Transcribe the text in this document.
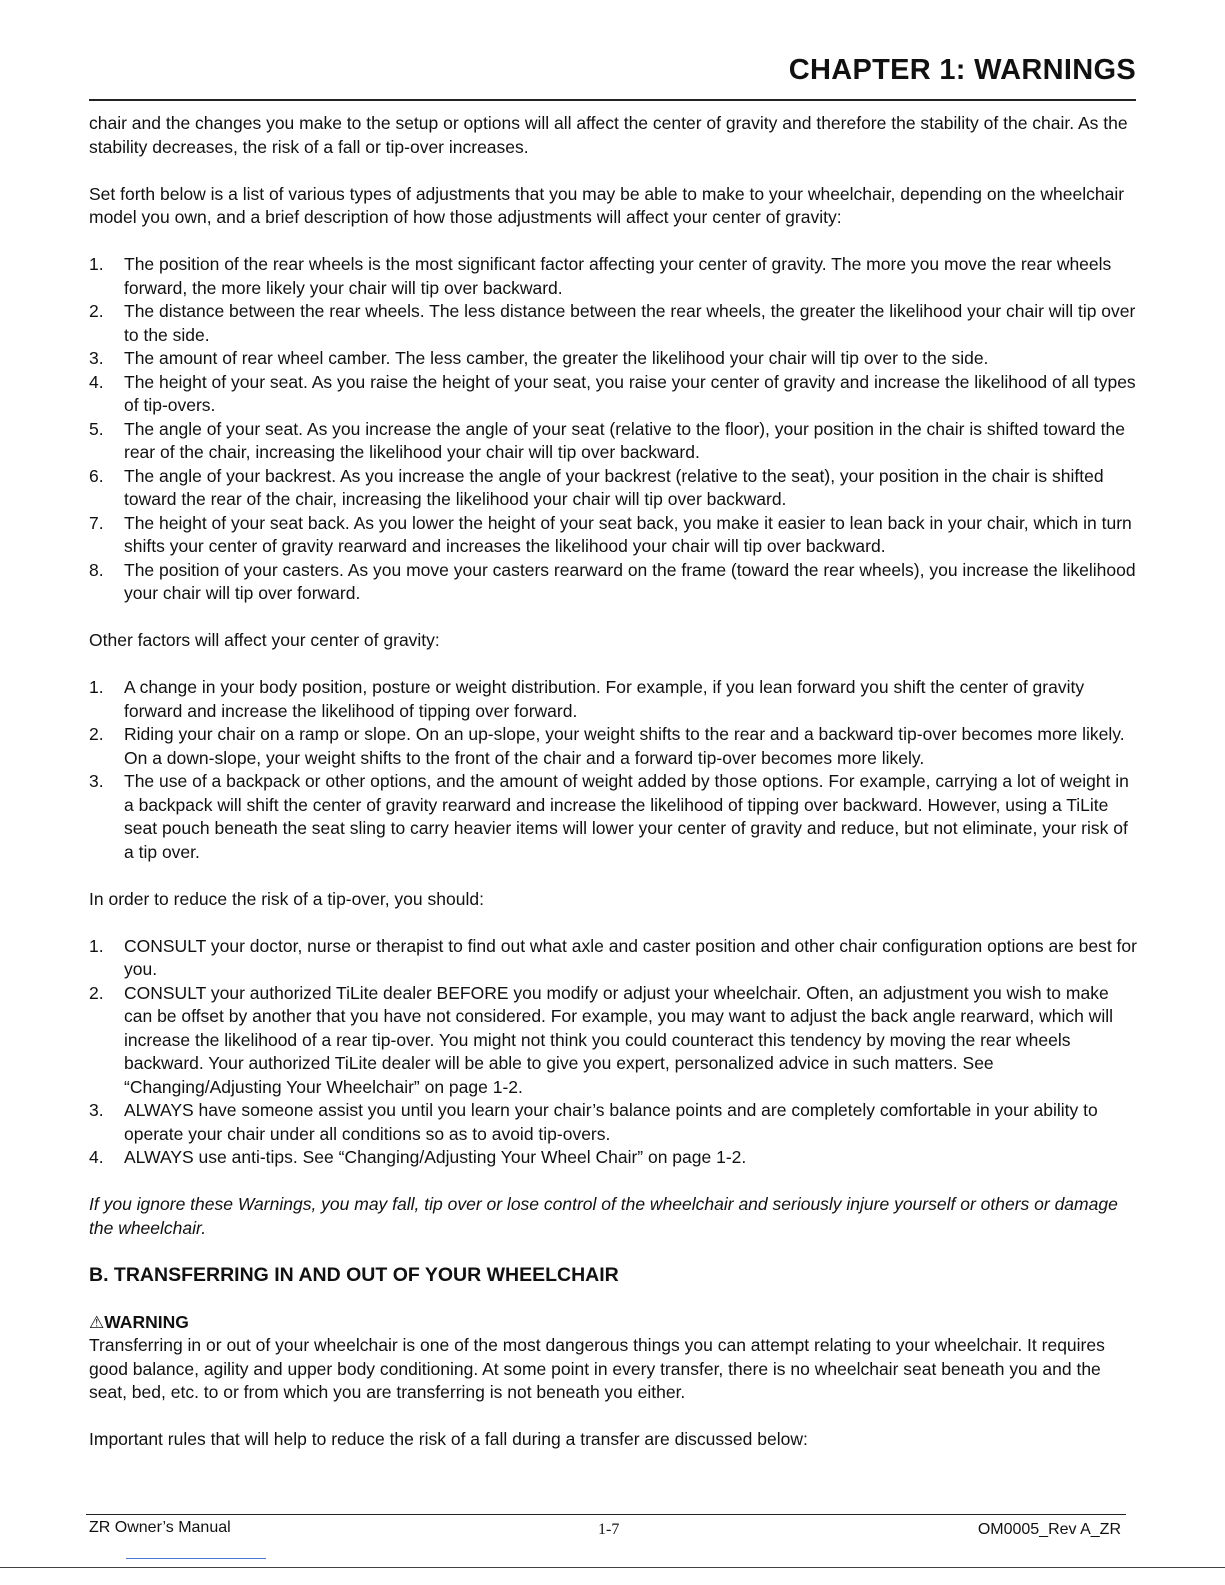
CHAPTER 1: WARNINGS

chair and the changes you make to the setup or options will all affect the center of gravity and therefore the stability of the chair. As the stability decreases, the risk of a fall or tip-over increases.

Set forth below is a list of various types of adjustments that you may be able to make to your wheelchair, depending on the wheelchair model you own, and a brief description of how those adjustments will affect your center of gravity:

1. The position of the rear wheels is the most significant factor affecting your center of gravity. The more you move the rear wheels forward, the more likely your chair will tip over backward.
2. The distance between the rear wheels. The less distance between the rear wheels, the greater the likelihood your chair will tip over to the side.
3. The amount of rear wheel camber. The less camber, the greater the likelihood your chair will tip over to the side.
4. The height of your seat. As you raise the height of your seat, you raise your center of gravity and increase the likelihood of all types of tip-overs.
5. The angle of your seat. As you increase the angle of your seat (relative to the floor), your position in the chair is shifted toward the rear of the chair, increasing the likelihood your chair will tip over backward.
6. The angle of your backrest. As you increase the angle of your backrest (relative to the seat), your position in the chair is shifted toward the rear of the chair, increasing the likelihood your chair will tip over backward.
7. The height of your seat back. As you lower the height of your seat back, you make it easier to lean back in your chair, which in turn shifts your center of gravity rearward and increases the likelihood your chair will tip over backward.
8. The position of your casters. As you move your casters rearward on the frame (toward the rear wheels), you increase the likelihood your chair will tip over forward.

Other factors will affect your center of gravity:

1. A change in your body position, posture or weight distribution. For example, if you lean forward you shift the center of gravity forward and increase the likelihood of tipping over forward.
2. Riding your chair on a ramp or slope. On an up-slope, your weight shifts to the rear and a backward tip-over becomes more likely. On a down-slope, your weight shifts to the front of the chair and a forward tip-over becomes more likely.
3. The use of a backpack or other options, and the amount of weight added by those options. For example, carrying a lot of weight in a backpack will shift the center of gravity rearward and increase the likelihood of tipping over backward. However, using a TiLite seat pouch beneath the seat sling to carry heavier items will lower your center of gravity and reduce, but not eliminate, your risk of a tip over.

In order to reduce the risk of a tip-over, you should:

1. CONSULT your doctor, nurse or therapist to find out what axle and caster position and other chair configuration options are best for you.
2. CONSULT your authorized TiLite dealer BEFORE you modify or adjust your wheelchair. Often, an adjustment you wish to make can be offset by another that you have not considered. For example, you may want to adjust the back angle rearward, which will increase the likelihood of a rear tip-over. You might not think you could counteract this tendency by moving the rear wheels backward. Your authorized TiLite dealer will be able to give you expert, personalized advice in such matters. See “Changing/Adjusting Your Wheelchair” on page 1-2.
3. ALWAYS have someone assist you until you learn your chair’s balance points and are completely comfortable in your ability to operate your chair under all conditions so as to avoid tip-overs.
4. ALWAYS use anti-tips. See “Changing/Adjusting Your Wheel Chair” on page 1-2.

If you ignore these Warnings, you may fall, tip over or lose control of the wheelchair and seriously injure yourself or others or damage the wheelchair.

B. TRANSFERRING IN AND OUT OF YOUR WHEELCHAIR

⚠WARNING

Transferring in or out of your wheelchair is one of the most dangerous things you can attempt relating to your wheelchair. It requires good balance, agility and upper body conditioning. At some point in every transfer, there is no wheelchair seat beneath you and the seat, bed, etc. to or from which you are transferring is not beneath you either.

Important rules that will help to reduce the risk of a fall during a transfer are discussed below:

ZR Owner’s Manual	1-7	OM0005_Rev A_ZR
